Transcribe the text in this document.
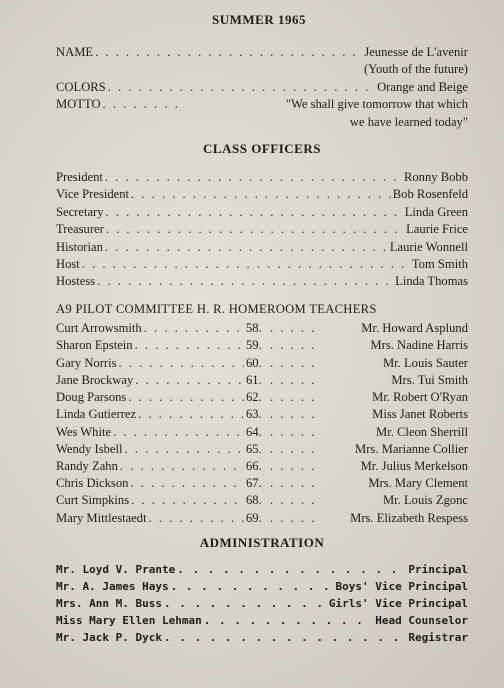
SUMMER 1965
NAME . . .	Jeunesse de L'avenir
(Youth of the future)
COLORS . . .	Orange and Beige
MOTTO . . .	"We shall give tomorrow that which
we have learned today"
CLASS OFFICERS
President . . .	Ronny Bobb
Vice President . . .	Bob Rosenfeld
Secretary . . .	Linda Green
Treasurer . . .	Laurie Frice
Historian . . .	Laurie Wonnell
Host . . .	Tom Smith
Hostess . . .	Linda Thomas
A9 PILOT COMMITTEE H. R. HOMEROOM TEACHERS
Curt Arrowsmith . . .	58. . . .	Mr. Howard Asplund
Sharon Epstein . . .	59. . . .	Mrs. Nadine Harris
Gary Norris . . .	60. . . .	Mr. Louis Sauter
Jane Brockway . . .	61. . . .	Mrs. Tui Smith
Doug Parsons . . .	62. . . .	Mr. Robert O'Ryan
Linda Gutierrez . . .	63. . . .	Miss Janet Roberts
Wes White . . .	64. . . .	Mr. Cleon Sherrill
Wendy Isbell . . .	65. . . .	Mrs. Marianne Collier
Randy Zahn . . .	66. . . .	Mr. Julius Merkelson
Chris Dickson . . .	67. . . .	Mrs. Mary Clement
Curt Simpkins . . .	68. . . .	Mr. Louis Zgonc
Mary Mittlestaedt . . .	69. . . .	Mrs. Elizabeth Respess
ADMINISTRATION
Mr. Loyd V. Prante . . .	Principal
Mr. A. James Hays . . .	Boys' Vice Principal
Mrs. Ann M. Buss . . .	Girls' Vice Principal
Miss Mary Ellen Lehman . . .	Head Counselor
Mr. Jack P. Dyck . . .	Registrar
